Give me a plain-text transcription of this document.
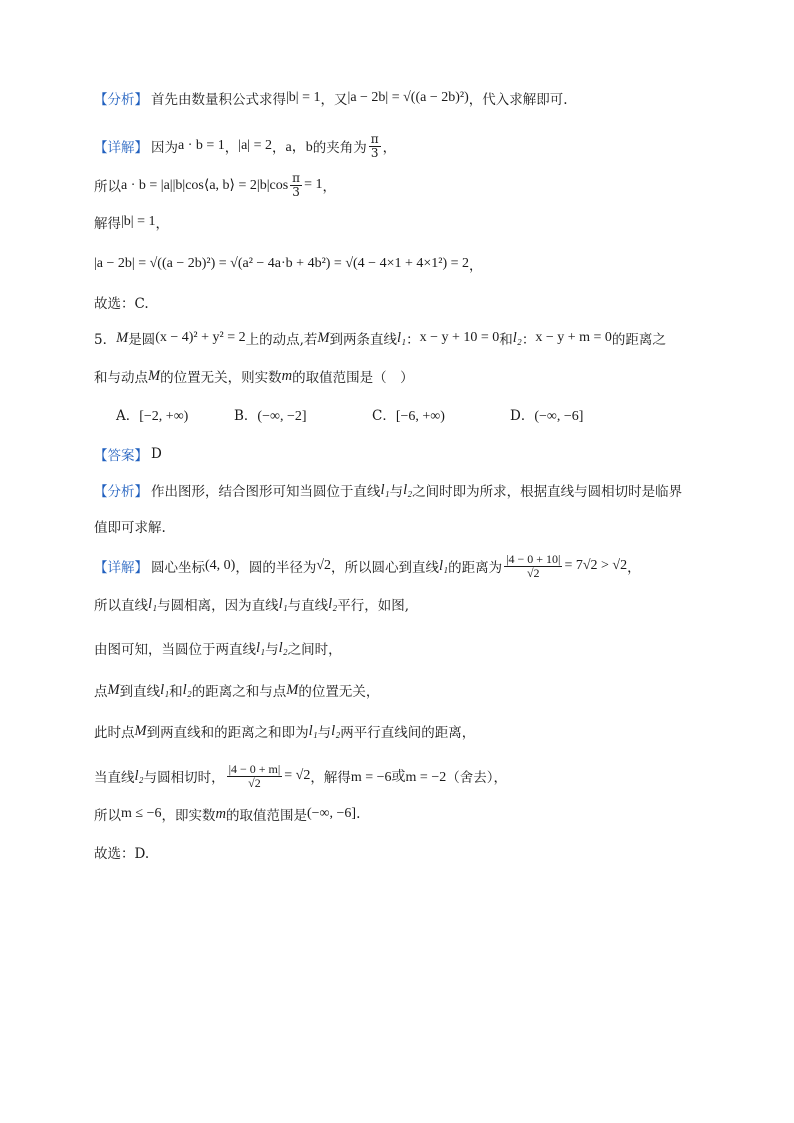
【分析】 首先由数量积公式求得 |b| = 1 ，又 |a − 2b| = √((a − 2b)²) ，代入求解即可.
【详解】 因为 a · b = 1 ， |a| = 2 ， a，b 的夹角为 $\frac{\pi}{3}$ ，
所以 a · b = |a||b|cos⟨a, b⟩ = $2|b|\cos \frac{\pi}{3} = 1$ ，
解得 |b| = 1 ，
|a − 2b| = √((a − 2b)²) = √(a² − 4a·b + 4b²) = √(4 − 4×1 + 4×1²) = 2 ，
故选：C.
5． M 是圆 (x − 4)² + y² = 2 上的动点,若 M 到两条直线 l₁ ： x − y + 10 = 0 和 l₂ ： x − y + m = 0 的距离之
和与动点 M 的位置无关，则实数 m 的取值范围是（　）
A．[−2, +∞)	B．(−∞, −2]	C．[−6, +∞)	D．(−∞, −6]
【答案】 D
【分析】 作出图形，结合图形可知当圆位于直线 l₁ 与 l₂ 之间时即为所求，根据直线与圆相切时是临界
值即可求解.
【详解】 圆心坐标 (4, 0) ，圆的半径为 √2 ，所以圆心到直线 l₁ 的距离为 $\frac{|4 - 0 + 10|}{√2} = 7√2 > √2$ ，
所以直线 l₁ 与圆相离，因为直线 l₁ 与直线 l₂ 平行，如图,
由图可知，当圆位于两直线 l₁ 与 l₂ 之间时，
点 M 到直线 l₁ 和 l₂ 的距离之和与点 M 的位置无关，
此时点 M 到两直线和的距离之和即为 l₁ 与 l₂ 两平行直线间的距离，
当直线 l₂ 与圆相切时， $\frac{|4 - 0 + m|}{√2} = √2$ ，解得 m = −6或m = −2 （舍去），
所以 m ≤ −6 ，即实数 m 的取值范围是 (−∞, −6] .
故选：D.
